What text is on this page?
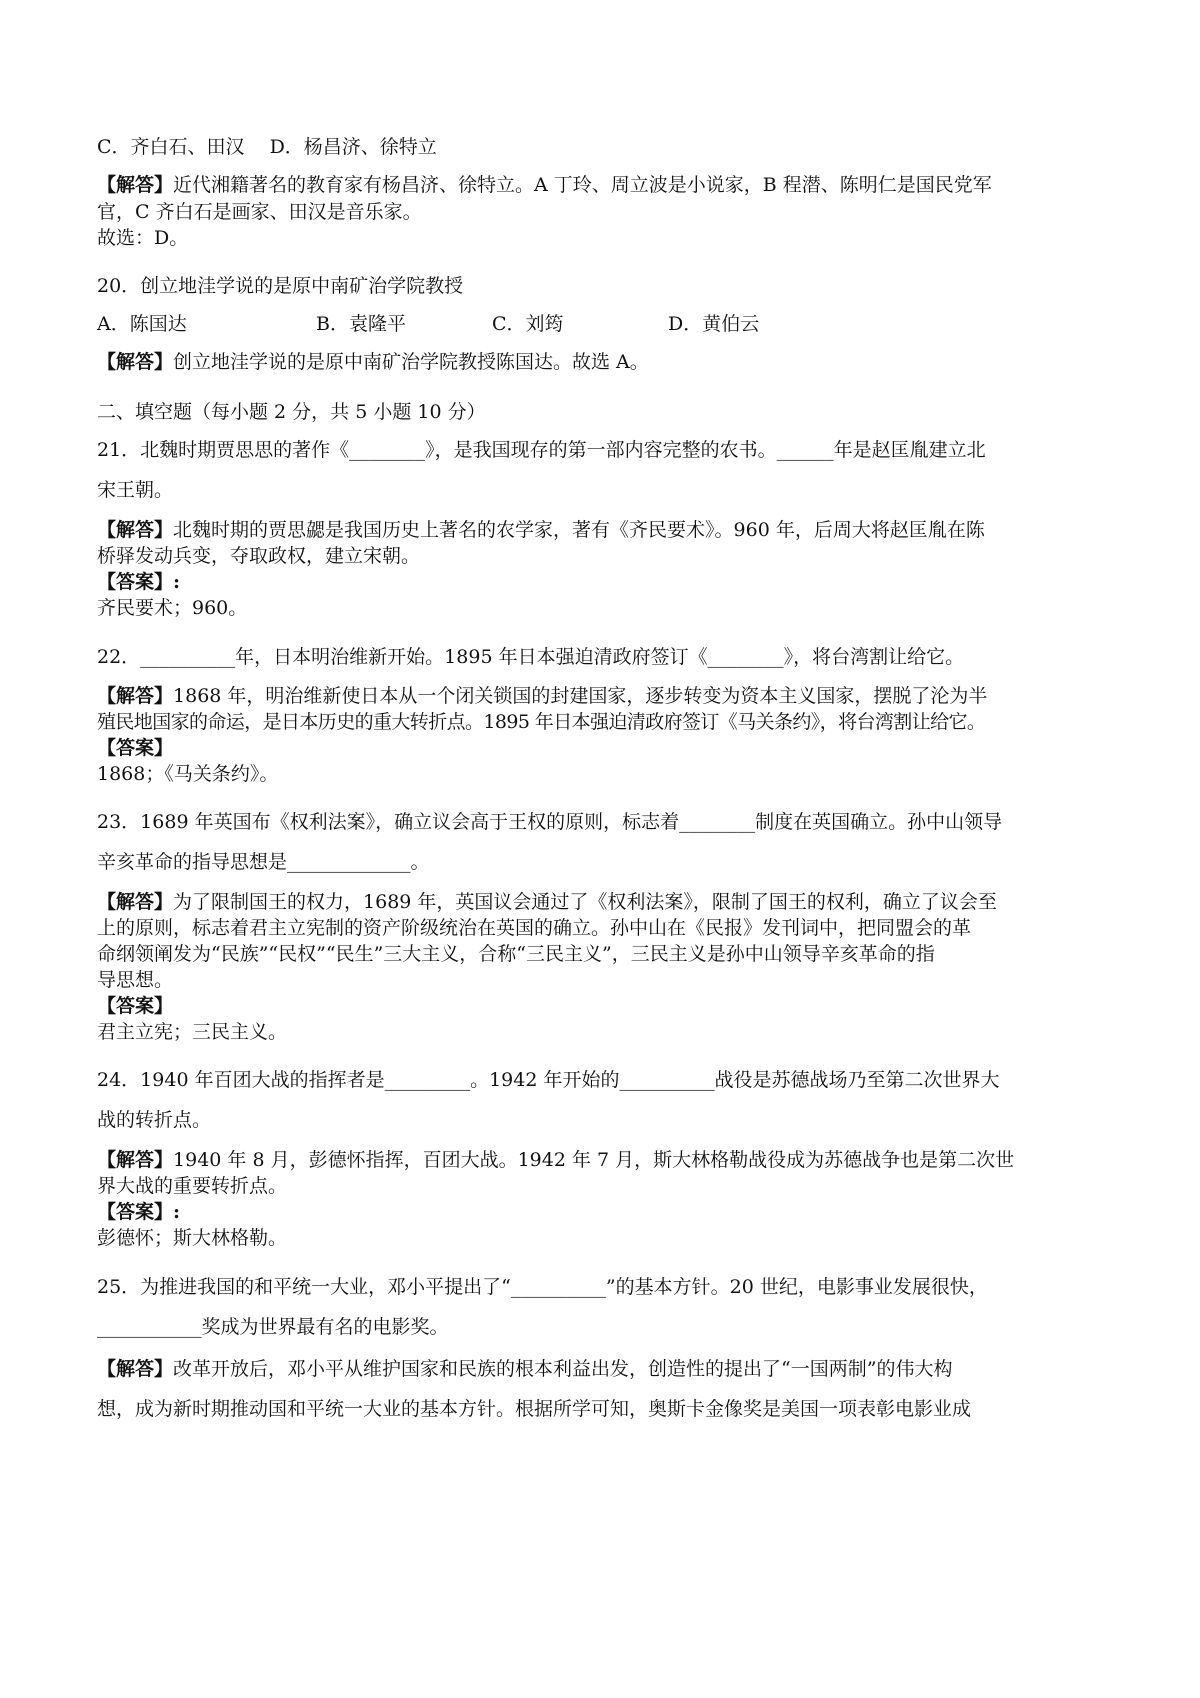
C．齐白石、田汉　 D．杨昌济、徐特立
【解答】近代湘籍著名的教育家有杨昌济、徐特立。A 丁玲、周立波是小说家，B 程潜、陈明仁是国民党军
官，C 齐白石是画家、田汉是音乐家。
故选：D。
20．创立地洼学说的是原中南矿治学院教授
A．陈国达	B．袁隆平	C．刘筠	D．黄伯云
【解答】创立地洼学说的是原中南矿治学院教授陈国达。故选 A。
二、填空题（每小题 2 分，共 5 小题 10 分）
21．北魏时期贾思思的著作《________》，是我国现存的第一部内容完整的农书。______年是赵匡胤建立北
宋王朝。
【解答】北魏时期的贾思勰是我国历史上著名的农学家，著有《齐民要术》。960 年，后周大将赵匡胤在陈
桥驿发动兵变，夺取政权，建立宋朝。
【答案】:
齐民要术；960。
22．__________年，日本明治维新开始。1895 年日本强迫清政府签订《________》，将台湾割让给它。
【解答】1868 年，明治维新使日本从一个闭关锁国的封建国家，逐步转变为资本主义国家，摆脱了沦为半
殖民地国家的命运，是日本历史的重大转折点。1895 年日本强迫清政府签订《马关条约》，将台湾割让给它。
【答案】
1868；《马关条约》。
23．1689 年英国布《权利法案》，确立议会高于王权的原则，标志着________制度在英国确立。孙中山领导
辛亥革命的指导思想是_____________。
【解答】为了限制国王的权力，1689 年，英国议会通过了《权利法案》，限制了国王的权利，确立了议会至
上的原则，标志着君主立宪制的资产阶级统治在英国的确立。孙中山在《民报》发刊词中，把同盟会的革
命纲领阐发为“民族”“民权”“民生”三大主义，合称“三民主义”，三民主义是孙中山领导辛亥革命的指
导思想。
【答案】
君主立宪；三民主义。
24．1940 年百团大战的指挥者是_________。1942 年开始的__________战役是苏德战场乃至第二次世界大
战的转折点。
【解答】1940 年 8 月，彭德怀指挥，百团大战。1942 年 7 月，斯大林格勒战役成为苏德战争也是第二次世
界大战的重要转折点。
【答案】:
彭德怀；斯大林格勒。
25．为推进我国的和平统一大业，邓小平提出了“__________”的基本方针。20 世纪，电影事业发展很快，
___________奖成为世界最有名的电影奖。
【解答】改革开放后，邓小平从维护国家和民族的根本利益出发，创造性的提出了“一国两制”的伟大构
想，成为新时期推动国和平统一大业的基本方针。根据所学可知，奥斯卡金像奖是美国一项表彰电影业成
